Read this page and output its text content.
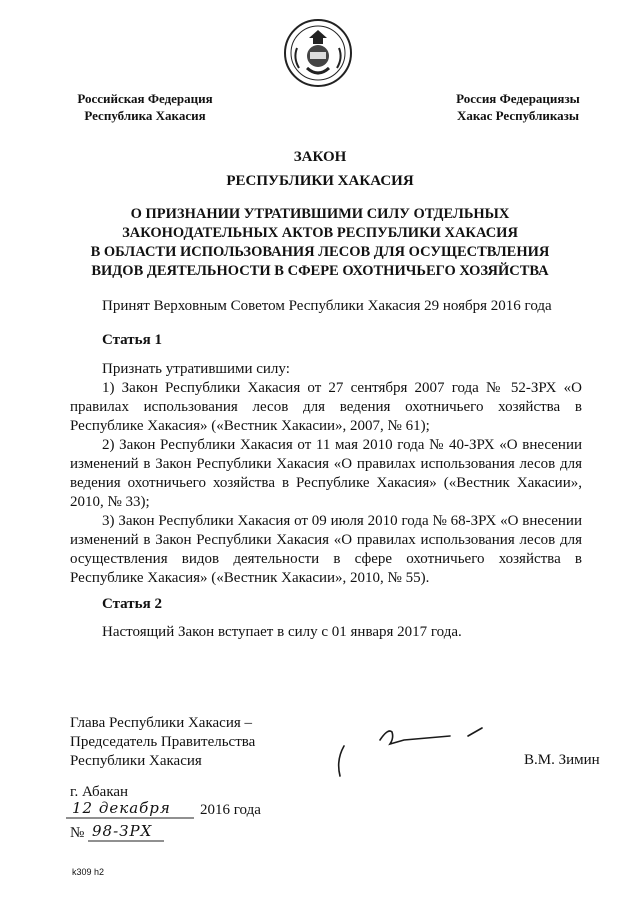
Российская Федерация
Республика Хакасия
Россия Федерациязы
Хакас Республиказы
ЗАКОН
РЕСПУБЛИКИ ХАКАСИЯ
О ПРИЗНАНИИ УТРАТИВШИМИ СИЛУ ОТДЕЛЬНЫХ
ЗАКОНОДАТЕЛЬНЫХ АКТОВ РЕСПУБЛИКИ ХАКАСИЯ
В ОБЛАСТИ ИСПОЛЬЗОВАНИЯ ЛЕСОВ ДЛЯ ОСУЩЕСТВЛЕНИЯ
ВИДОВ ДЕЯТЕЛЬНОСТИ В СФЕРЕ ОХОТНИЧЬЕГО ХОЗЯЙСТВА
Принят Верховным Советом Республики Хакасия 29 ноября 2016 года
Статья 1
Признать утратившими силу:
1) Закон Республики Хакасия от 27 сентября 2007 года № 52-ЗРХ «О правилах использования лесов для ведения охотничьего хозяйства в Республике Хакасия» («Вестник Хакасии», 2007, № 61);
2) Закон Республики Хакасия от 11 мая 2010 года № 40-ЗРХ «О внесении изменений в Закон Республики Хакасия «О правилах использования лесов для ведения охотничьего хозяйства в Республике Хакасия» («Вестник Хакасии», 2010, № 33);
3) Закон Республики Хакасия от 09 июля 2010 года № 68-ЗРХ «О внесении изменений в Закон Республики Хакасия «О правилах использования лесов для осуществления видов деятельности в сфере охотничьего хозяйства в Республике Хакасия» («Вестник Хакасии», 2010, № 55).
Статья 2
Настоящий Закон вступает в силу с 01 января 2017 года.
Глава Республики Хакасия –
Председатель Правительства
Республики Хакасия	В.М. Зимин
г. Абакан
12 декабря 2016 года
№ 98-ЗРХ
k309 h2
